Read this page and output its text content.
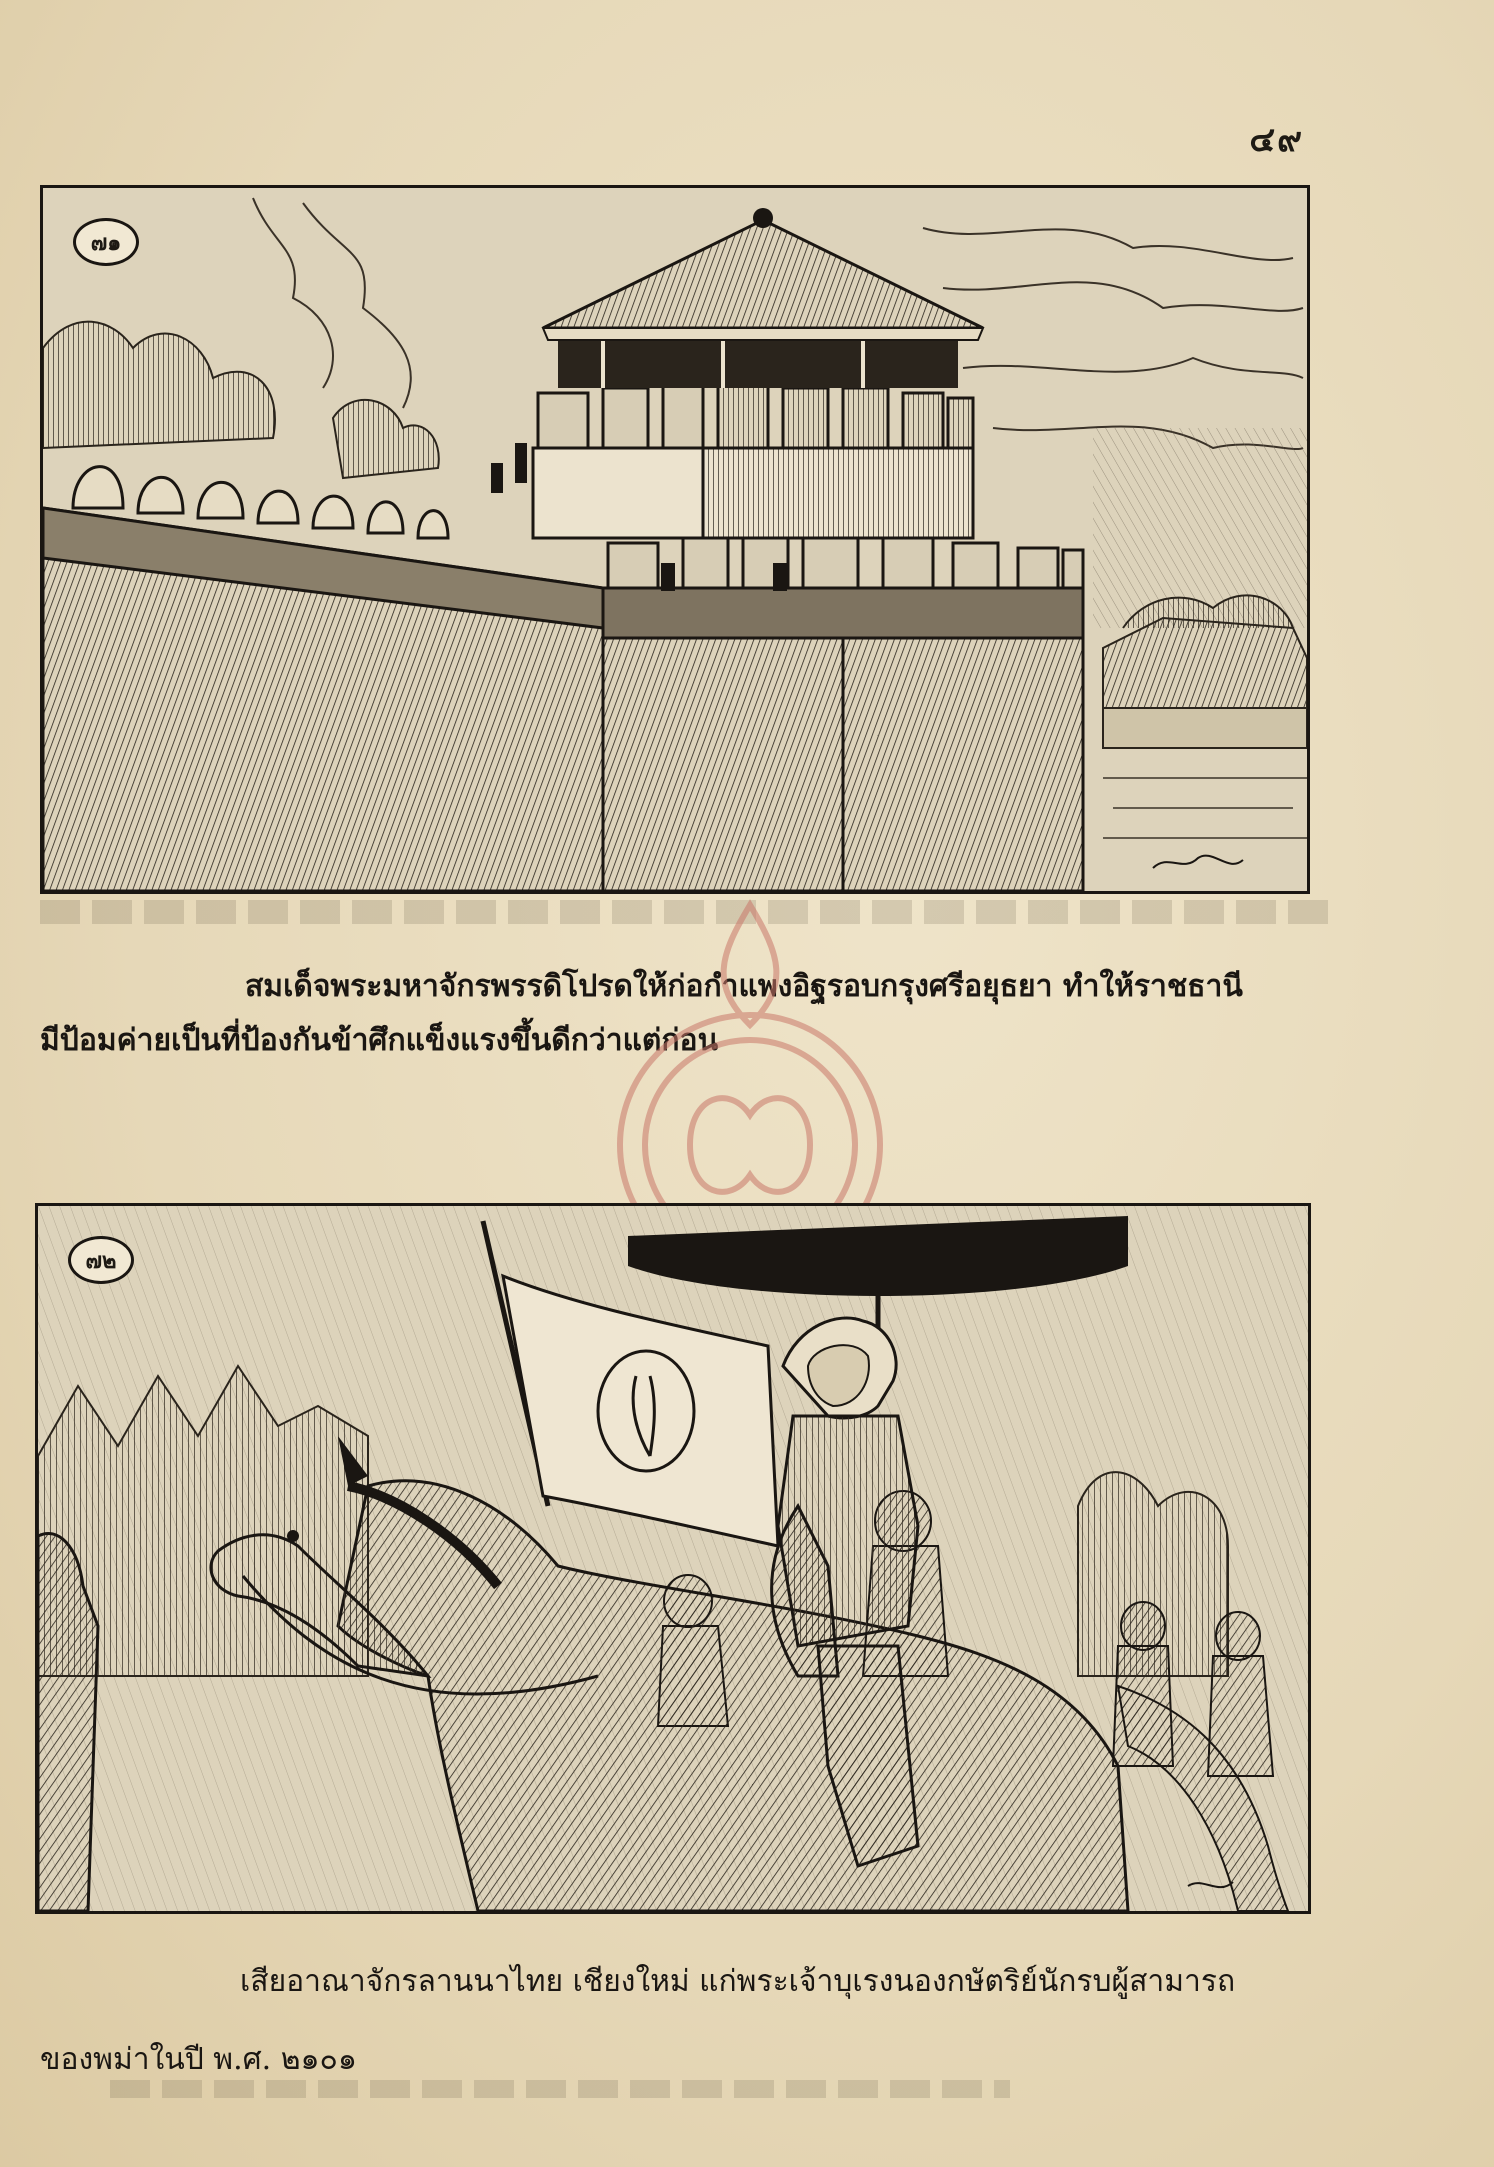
๔๙
๗๑

สมเด็จพระมหาจักรพรรดิโปรดให้ก่อกำแพงอิฐรอบกรุงศรีอยุธยา ทำให้ราชธานี

มีป้อมค่ายเป็นที่ป้องกันข้าศึกแข็งแรงขึ้นดีกว่าแต่ก่อน

๗๒

เสียอาณาจักรลานนาไทย เชียงใหม่ แก่พระเจ้าบุเรงนองกษัตริย์นักรบผู้สามารถ

ของพม่าในปี พ.ศ. ๒๑๐๑
